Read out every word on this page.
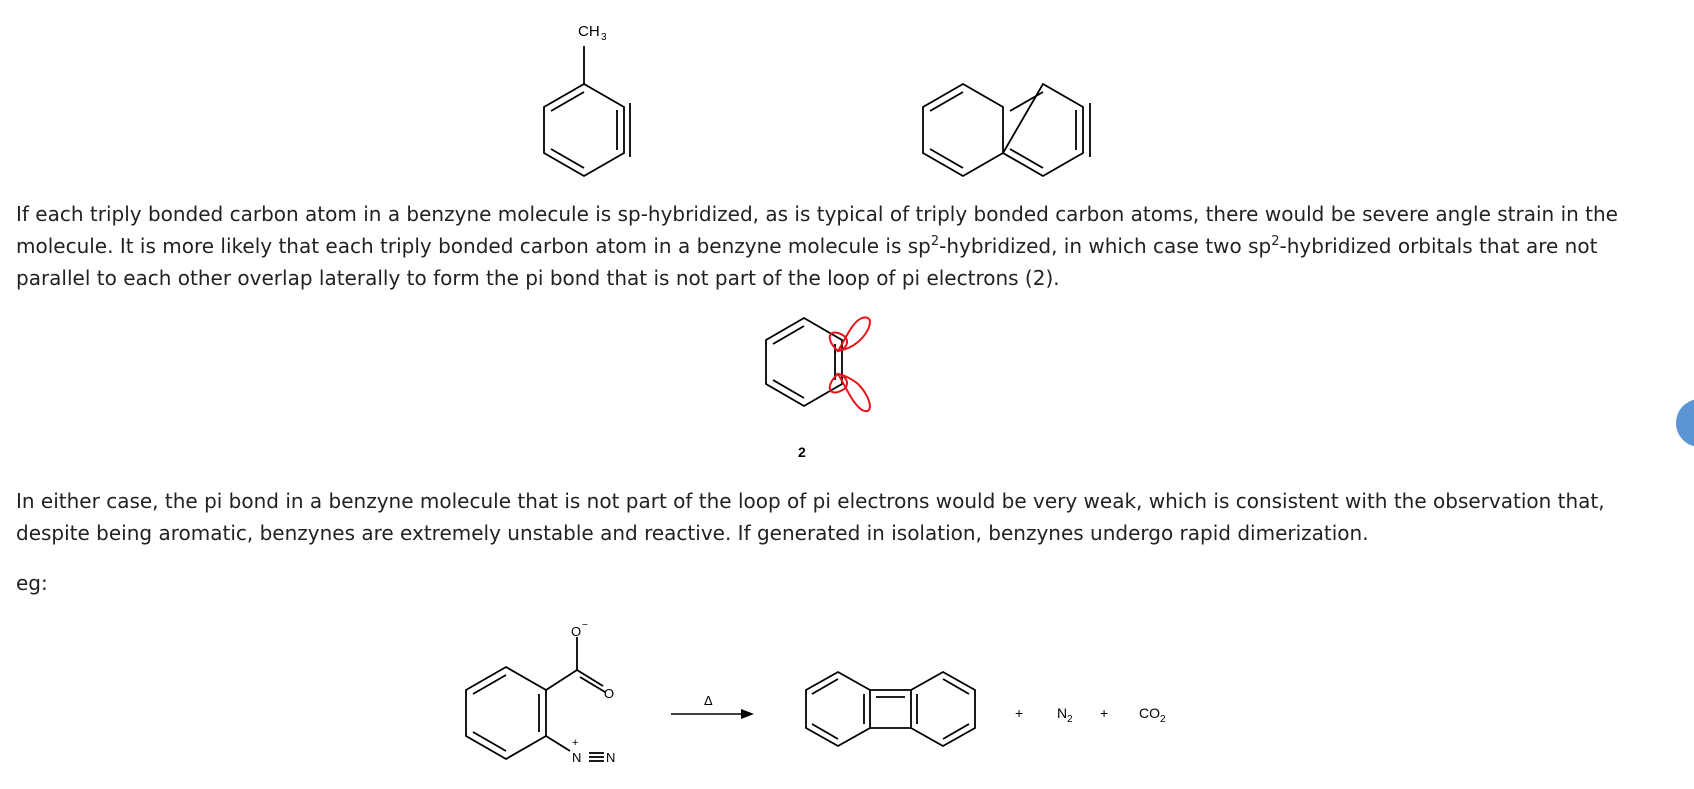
CH 3
2
O −
O
+
N N
Δ
+ N 2 + CO 2

If each triply bonded carbon atom in a benzyne molecule is sp-hybridized, as is typical of triply bonded carbon atoms, there would be severe angle strain in the
molecule. It is more likely that each triply bonded carbon atom in a benzyne molecule is $sp^2$-hybridized, in which case two $sp^2$-hybridized orbitals that are not
parallel to each other overlap laterally to form the pi bond that is not part of the loop of pi electrons (2).

In either case, the pi bond in a benzyne molecule that is not part of the loop of pi electrons would be very weak, which is consistent with the observation that,
despite being aromatic, benzynes are extremely unstable and reactive. If generated in isolation, benzynes undergo rapid dimerization.

eg:
